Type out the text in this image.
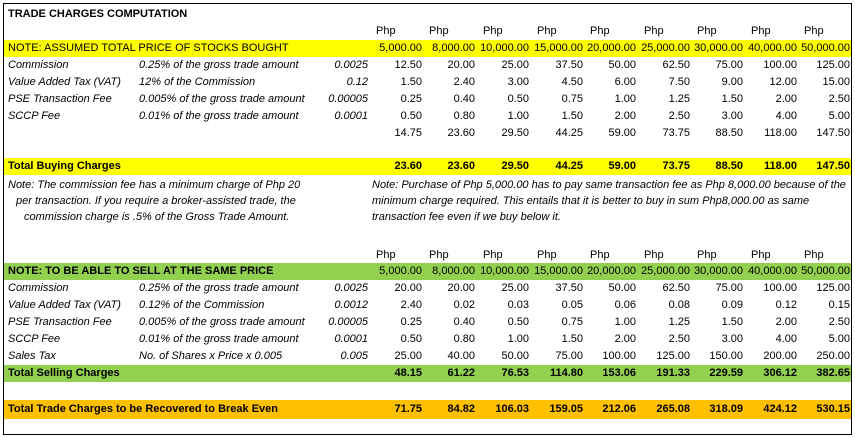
TRADE CHARGES COMPUTATION
Php	Php	Php	Php	Php	Php	Php	Php	Php
NOTE: ASSUMED TOTAL PRICE OF STOCKS BOUGHT	5,000.00 8,000.00 10,000.00 15,000.00 20,000.00 25,000.00 30,000.00 40,000.00 50,000.00
Commission	0.25% of the gross trade amount	0.0025	12.50	20.00	25.00	37.50	50.00	62.50	75.00	100.00	125.00
Value Added Tax (VAT) 12% of the Commission	0.12	1.50	2.40	3.00	4.50	6.00	7.50	9.00	12.00	15.00
PSE Transaction Fee 0.005% of the gross trade amount	0.00005	0.25	0.40	0.50	0.75	1.00	1.25	1.50	2.00	2.50
SCCP Fee	0.01% of the gross trade amount	0.0001	0.50	0.80	1.00	1.50	2.00	2.50	3.00	4.00	5.00
14.75	23.60	29.50	44.25	59.00	73.75	88.50	118.00	147.50
Total Buying Charges	23.60	23.60	29.50	44.25	59.00	73.75	88.50	118.00	147.50
Note: The commission fee has a minimum charge of Php 20
per transaction. If you require a broker-assisted trade, the
commission charge is .5% of the Gross Trade Amount.
Note: Purchase of Php 5,000.00 has to pay same transaction fee as Php 8,000.00 because of the
minimum charge required. This entails that it is better to buy in sum Php8,000.00 as same
transaction fee even if we buy below it.
Php	Php	Php	Php	Php	Php	Php	Php	Php
NOTE: TO BE ABLE TO SELL AT THE SAME PRICE	5,000.00 8,000.00 10,000.00 15,000.00 20,000.00 25,000.00 30,000.00 40,000.00 50,000.00
Commission	0.25% of the gross trade amount	0.0025	20.00	20.00	25.00	37.50	50.00	62.50	75.00	100.00	125.00
Value Added Tax (VAT) 0.12% of the Commission	0.0012	2.40	0.02	0.03	0.05	0.06	0.08	0.09	0.12	0.15
PSE Transaction Fee 0.005% of the gross trade amount	0.00005	0.25	0.40	0.50	0.75	1.00	1.25	1.50	2.00	2.50
SCCP Fee	0.01% of the gross trade amount	0.0001	0.50	0.80	1.00	1.50	2.00	2.50	3.00	4.00	5.00
Sales Tax	No. of Shares x Price x 0.005	0.005	25.00	40.00	50.00	75.00	100.00	125.00	150.00	200.00	250.00
Total Selling Charges	48.15	61.22	76.53	114.80	153.06	191.33	229.59	306.12	382.65
Total Trade Charges to be Recovered to Break Even	71.75	84.82	106.03	159.05	212.06	265.08	318.09	424.12	530.15
